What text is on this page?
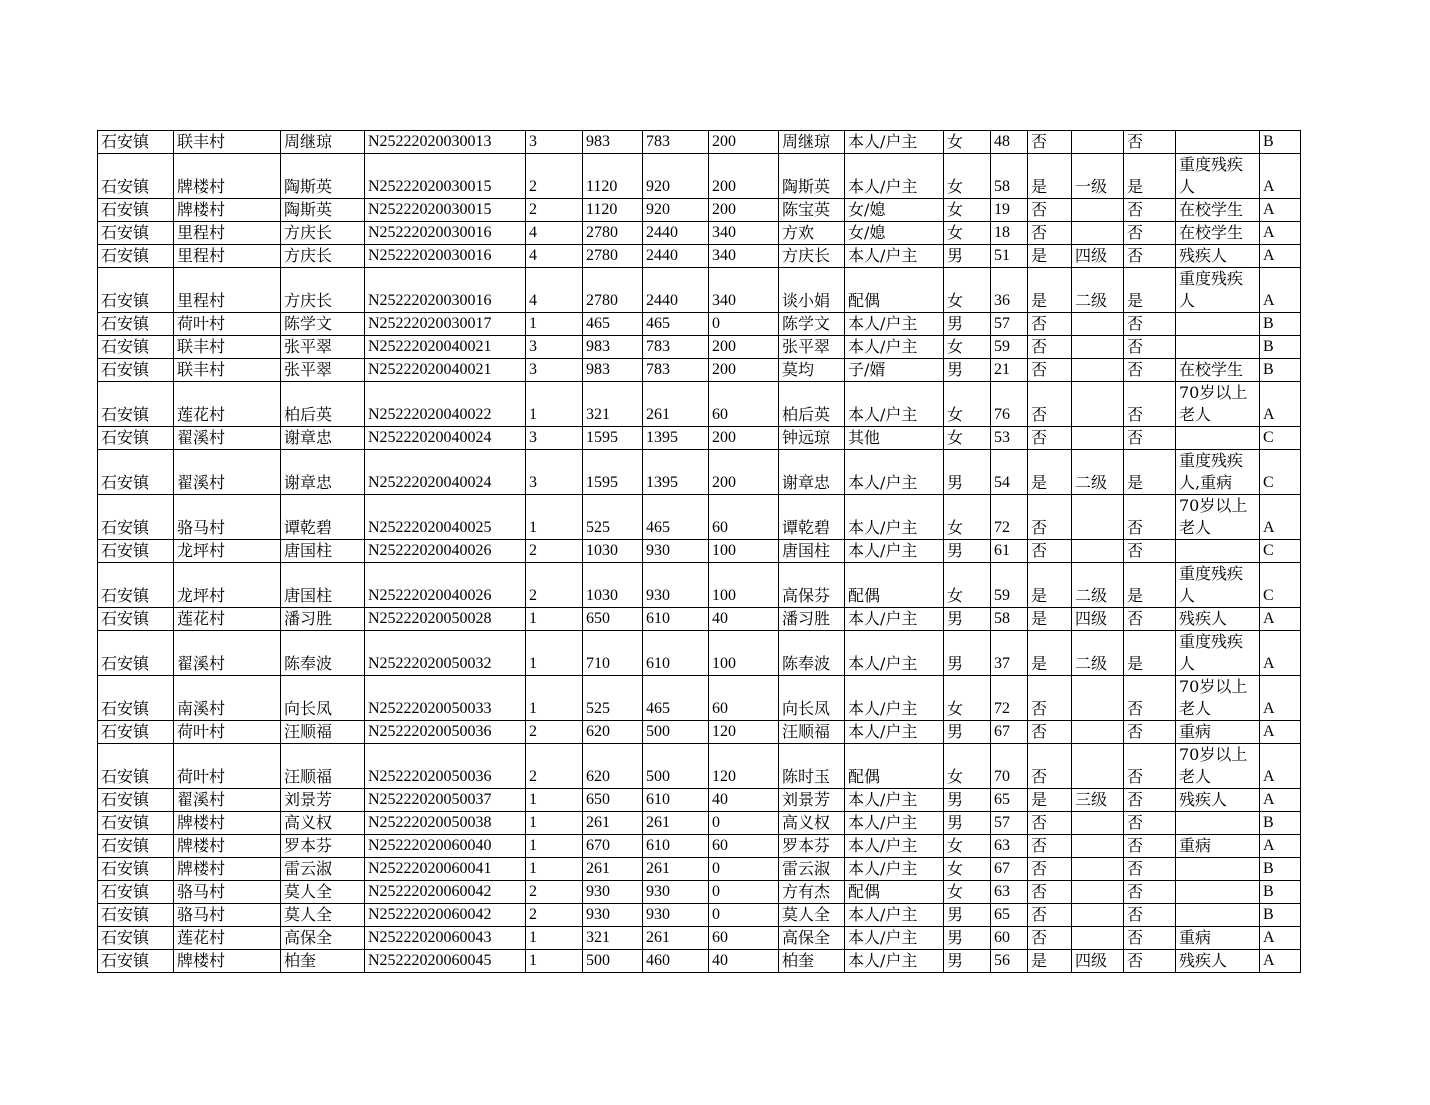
石安镇	联丰村	周继琼	N25222020030013	3	983	783	200	周继琼	本人/户主	女	48	否		否		B
石安镇	牌楼村	陶斯英	N25222020030015	2	1120	920	200	陶斯英	本人/户主	女	58	是	一级	是	重度残疾人	A
石安镇	牌楼村	陶斯英	N25222020030015	2	1120	920	200	陈宝英	女/媳	女	19	否		否	在校学生	A
石安镇	里程村	方庆长	N25222020030016	4	2780	2440	340	方欢	女/媳	女	18	否		否	在校学生	A
石安镇	里程村	方庆长	N25222020030016	4	2780	2440	340	方庆长	本人/户主	男	51	是	四级	否	残疾人	A
石安镇	里程村	方庆长	N25222020030016	4	2780	2440	340	谈小娟	配偶	女	36	是	二级	是	重度残疾人	A
石安镇	荷叶村	陈学文	N25222020030017	1	465	465	0	陈学文	本人/户主	男	57	否		否		B
石安镇	联丰村	张平翠	N25222020040021	3	983	783	200	张平翠	本人/户主	女	59	否		否		B
石安镇	联丰村	张平翠	N25222020040021	3	983	783	200	莫均	子/婿	男	21	否		否	在校学生	B
石安镇	莲花村	柏后英	N25222020040022	1	321	261	60	柏后英	本人/户主	女	76	否		否	70岁以上老人	A
石安镇	翟溪村	谢章忠	N25222020040024	3	1595	1395	200	钟远琼	其他	女	53	否		否		C
石安镇	翟溪村	谢章忠	N25222020040024	3	1595	1395	200	谢章忠	本人/户主	男	54	是	二级	是	重度残疾人,重病	C
石安镇	骆马村	谭乾碧	N25222020040025	1	525	465	60	谭乾碧	本人/户主	女	72	否		否	70岁以上老人	A
石安镇	龙坪村	唐国柱	N25222020040026	2	1030	930	100	唐国柱	本人/户主	男	61	否		否		C
石安镇	龙坪村	唐国柱	N25222020040026	2	1030	930	100	高保芬	配偶	女	59	是	二级	是	重度残疾人	C
石安镇	莲花村	潘习胜	N25222020050028	1	650	610	40	潘习胜	本人/户主	男	58	是	四级	否	残疾人	A
石安镇	翟溪村	陈奉波	N25222020050032	1	710	610	100	陈奉波	本人/户主	男	37	是	二级	是	重度残疾人	A
石安镇	南溪村	向长凤	N25222020050033	1	525	465	60	向长凤	本人/户主	女	72	否		否	70岁以上老人	A
石安镇	荷叶村	汪顺福	N25222020050036	2	620	500	120	汪顺福	本人/户主	男	67	否		否	重病	A
石安镇	荷叶村	汪顺福	N25222020050036	2	620	500	120	陈时玉	配偶	女	70	否		否	70岁以上老人	A
石安镇	翟溪村	刘景芳	N25222020050037	1	650	610	40	刘景芳	本人/户主	男	65	是	三级	否	残疾人	A
石安镇	牌楼村	高义权	N25222020050038	1	261	261	0	高义权	本人/户主	男	57	否		否		B
石安镇	牌楼村	罗本芬	N25222020060040	1	670	610	60	罗本芬	本人/户主	女	63	否		否	重病	A
石安镇	牌楼村	雷云淑	N25222020060041	1	261	261	0	雷云淑	本人/户主	女	67	否		否		B
石安镇	骆马村	莫人全	N25222020060042	2	930	930	0	方有杰	配偶	女	63	否		否		B
石安镇	骆马村	莫人全	N25222020060042	2	930	930	0	莫人全	本人/户主	男	65	否		否		B
石安镇	莲花村	高保全	N25222020060043	1	321	261	60	高保全	本人/户主	男	60	否		否	重病	A
石安镇	牌楼村	柏奎	N25222020060045	1	500	460	40	柏奎	本人/户主	男	56	是	四级	否	残疾人	A
